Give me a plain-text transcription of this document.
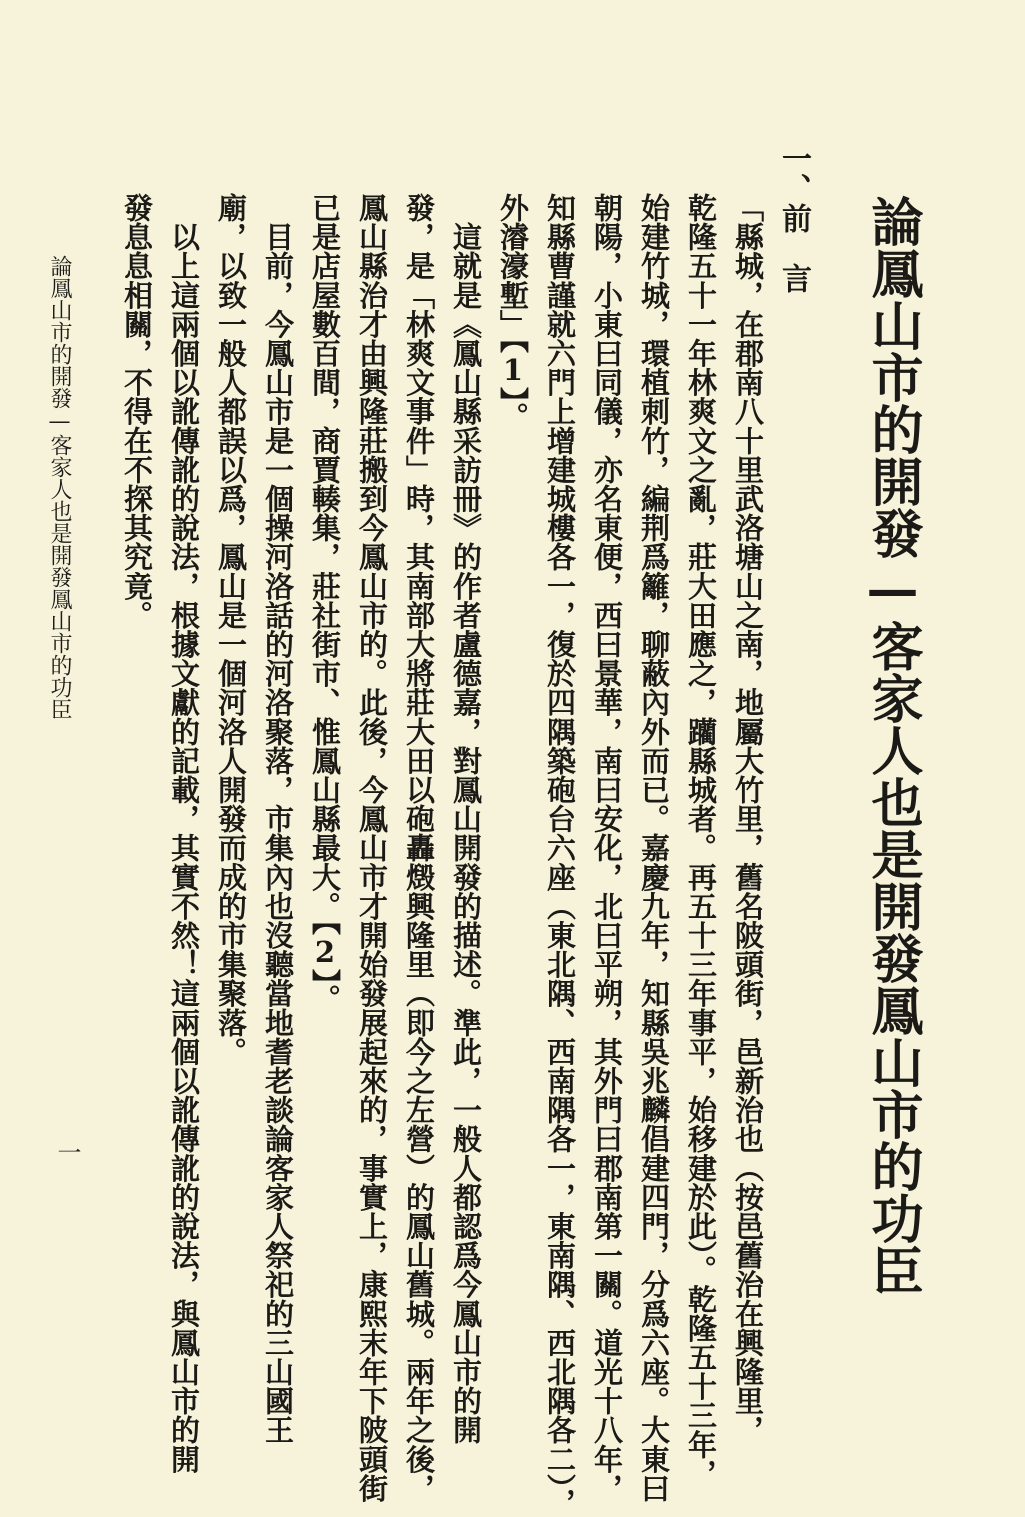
論鳳山市的開發—客家人也是開發鳳山市的功臣
一、前　言
「縣城，在郡南八十里武洛塘山之南，地屬大竹里，舊名陂頭街，邑新治也（按邑舊治在興隆里，
乾隆五十一年林爽文之亂，莊大田應之，躪縣城者。再五十三年事平，始移建於此）。乾隆五十三年，
始建竹城，環植刺竹，編荆爲籬，聊蔽內外而已。嘉慶九年，知縣吳兆麟倡建四門，分爲六座。大東曰
朝陽，小東曰同儀，亦名東便，西曰景華，南曰安化，北曰平朔，其外門曰郡南第一關。道光十八年，
知縣曹謹就六門上增建城樓各一，復於四隅築砲台六座（東北隅、西南隅各一，東南隅、西北隅各二），
外濬濠塹」【1】。
　這就是《鳳山縣采訪冊》的作者盧德嘉，對鳳山開發的描述。準此，一般人都認爲今鳳山市的開
發，是「林爽文事件」時，其南部大將莊大田以砲轟燬興隆里（即今之左營）的鳳山舊城。兩年之後，
鳳山縣治才由興隆莊搬到今鳳山市的。此後，今鳳山市才開始發展起來的，事實上，康熙末年下陂頭街
已是店屋數百間，商賈輳集，莊社街市、惟鳳山縣最大。【2】。
　目前，今鳳山市是一個操河洛話的河洛聚落，市集內也沒聽當地耆老談論客家人祭祀的三山國王
廟，以致一般人都誤以爲，鳳山是一個河洛人開發而成的市集聚落。
　以上這兩個以訛傳訛的說法，根據文獻的記載，其實不然！這兩個以訛傳訛的說法，與鳳山市的開
發息息相關，不得在不探其究竟。
論鳳山市的開發—客家人也是開發鳳山市的功臣
一
